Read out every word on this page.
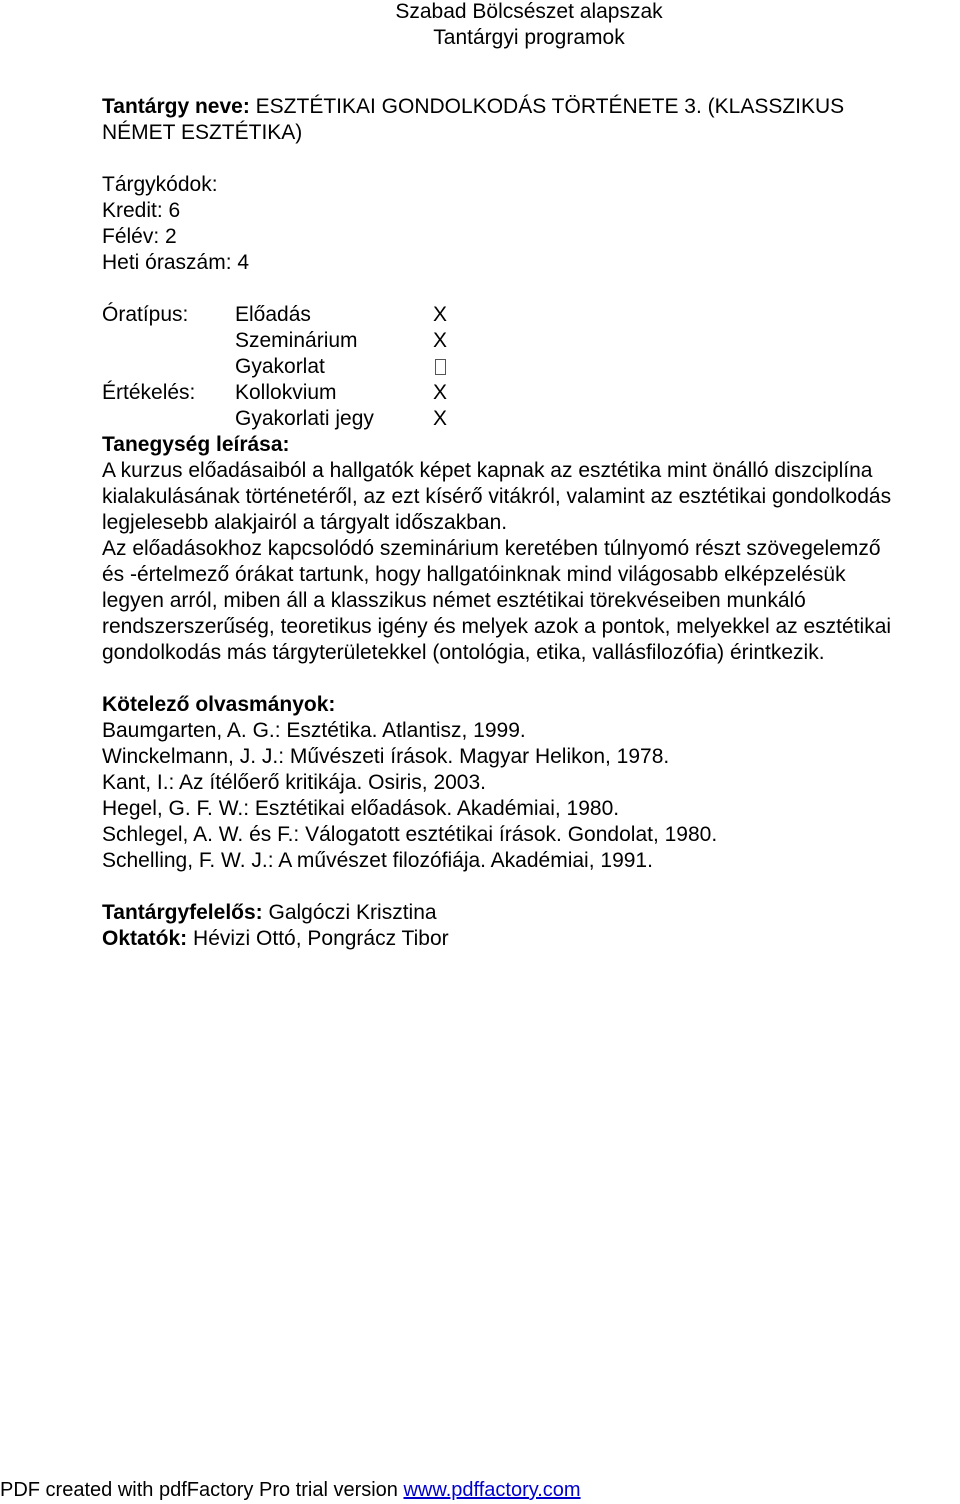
Szabad Bölcsészet alapszak
Tantárgyi programok
Tantárgy neve: ESZTÉTIKAI GONDOLKODÁS TÖRTÉNETE 3. (KLASSZIKUS
NÉMET ESZTÉTIKA)
Tárgykódok:
Kredit: 6
Félév: 2
Heti óraszám: 4
Óratípus: Előadás	X
Szeminárium	X
Gyakorlat
Értékelés: Kollokvium	X
Gyakorlati jegy	X
Tanegység leírása:
A kurzus előadásaiból a hallgatók képet kapnak az esztétika mint önálló diszciplína
kialakulásának történetéről, az ezt kísérő vitákról, valamint az esztétikai gondolkodás
legjelesebb alakjairól a tárgyalt időszakban.
Az előadásokhoz kapcsolódó szeminárium keretében túlnyomó részt szövegelemző
és -értelmező órákat tartunk, hogy hallgatóinknak mind világosabb elképzelésük
legyen arról, miben áll a klasszikus német esztétikai törekvéseiben munkáló
rendszerszerűség, teoretikus igény és melyek azok a pontok, melyekkel az esztétikai
gondolkodás más tárgyterületekkel (ontológia, etika, vallásfilozófia) érintkezik.
Kötelező olvasmányok:
Baumgarten, A. G.: Esztétika. Atlantisz, 1999.
Winckelmann, J. J.: Művészeti írások. Magyar Helikon, 1978.
Kant, I.: Az ítélőerő kritikája. Osiris, 2003.
Hegel, G. F. W.: Esztétikai előadások. Akadémiai, 1980.
Schlegel, A. W. és F.: Válogatott esztétikai írások. Gondolat, 1980.
Schelling, F. W. J.: A művészet filozófiája. Akadémiai, 1991.
Tantárgyfelelős: Galgóczi Krisztina
Oktatók: Hévizi Ottó, Pongrácz Tibor
PDF created with pdfFactory Pro trial version www.pdffactory.com
